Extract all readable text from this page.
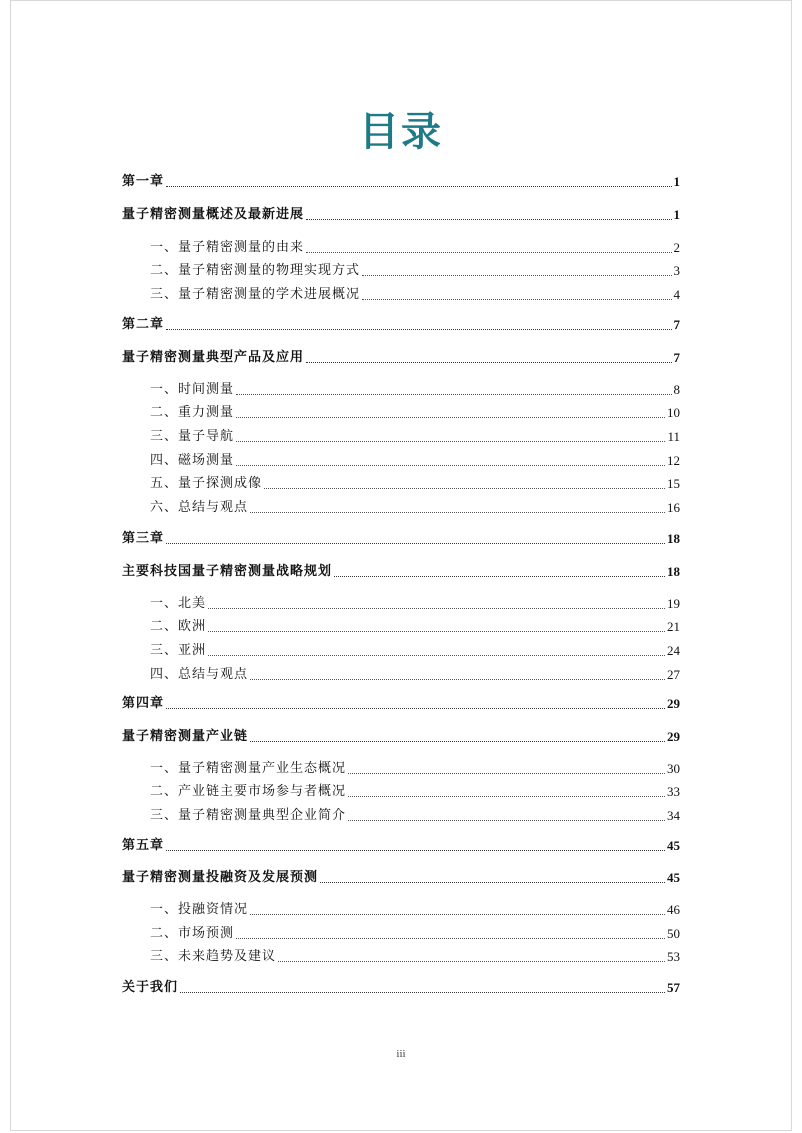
目录
第一章	1
量子精密测量概述及最新进展	1
一、量子精密测量的由来	2
二、量子精密测量的物理实现方式	3
三、量子精密测量的学术进展概况	4
第二章	7
量子精密测量典型产品及应用	7
一、时间测量	8
二、重力测量	10
三、量子导航	11
四、磁场测量	12
五、量子探测成像	15
六、总结与观点	16
第三章	18
主要科技国量子精密测量战略规划	18
一、北美	19
二、欧洲	21
三、亚洲	24
四、总结与观点	27
第四章	29
量子精密测量产业链	29
一、量子精密测量产业生态概况	30
二、产业链主要市场参与者概况	33
三、量子精密测量典型企业简介	34
第五章	45
量子精密测量投融资及发展预测	45
一、投融资情况	46
二、市场预测	50
三、未来趋势及建议	53
关于我们	57
iii
